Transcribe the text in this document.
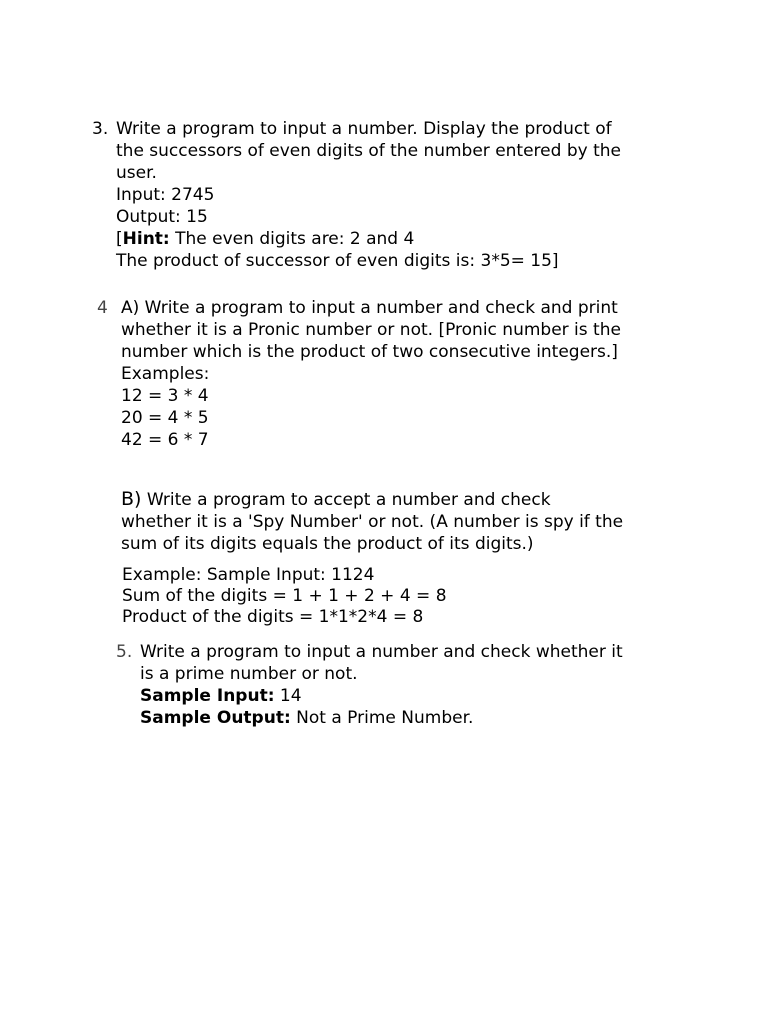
3. Write a program to input a number. Display the product of
the successors of even digits of the number entered by the
user.
Input: 2745
Output: 15
[Hint: The even digits are: 2 and 4
The product of successor of even digits is: 3*5= 15]
4 A) Write a program to input a number and check and print
whether it is a Pronic number or not. [Pronic number is the
number which is the product of two consecutive integers.]
Examples:
12 = 3 * 4
20 = 4 * 5
42 = 6 * 7
B) Write a program to accept a number and check
whether it is a 'Spy Number' or not. (A number is spy if the
sum of its digits equals the product of its digits.)
Example: Sample Input: 1124
Sum of the digits = 1 + 1 + 2 + 4 = 8
Product of the digits = 1*1*2*4 = 8
5. Write a program to input a number and check whether it
is a prime number or not.
Sample Input: 14
Sample Output: Not a Prime Number.
